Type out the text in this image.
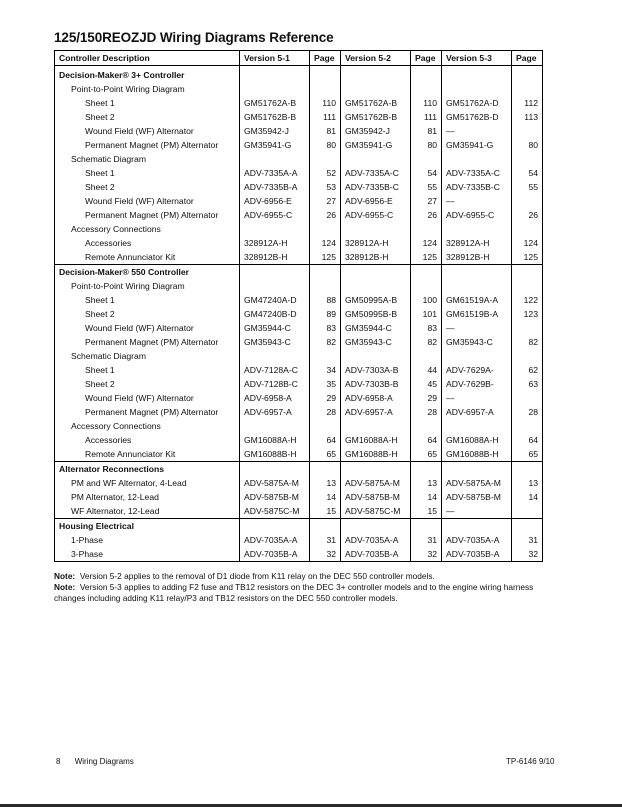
125/150REOZJD Wiring Diagrams Reference
Controller Description	Version 5-1	Page	Version 5-2	Page	Version 5-3	Page
Decision-Maker® 3+ Controller						
Point-to-Point Wiring Diagram						
Sheet 1	GM51762A-B	110	GM51762A-B	110	GM51762A-D	112
Sheet 2	GM51762B-B	111	GM51762B-B	111	GM51762B-D	113
Wound Field (WF) Alternator	GM35942-J	81	GM35942-J	81	—	
Permanent Magnet (PM) Alternator	GM35941-G	80	GM35941-G	80	GM35941-G	80
Schematic Diagram						
Sheet 1	ADV-7335A-A	52	ADV-7335A-C	54	ADV-7335A-C	54
Sheet 2	ADV-7335B-A	53	ADV-7335B-C	55	ADV-7335B-C	55
Wound Field (WF) Alternator	ADV-6956-E	27	ADV-6956-E	27	—	
Permanent Magnet (PM) Alternator	ADV-6955-C	26	ADV-6955-C	26	ADV-6955-C	26
Accessory Connections						
Accessories	328912A-H	124	328912A-H	124	328912A-H	124
Remote Annunciator Kit	328912B-H	125	328912B-H	125	328912B-H	125
Decision-Maker® 550 Controller						
Point-to-Point Wiring Diagram						
Sheet 1	GM47240A-D	88	GM50995A-B	100	GM61519A-A	122
Sheet 2	GM47240B-D	89	GM50995B-B	101	GM61519B-A	123
Wound Field (WF) Alternator	GM35944-C	83	GM35944-C	83	—	
Permanent Magnet (PM) Alternator	GM35943-C	82	GM35943-C	82	GM35943-C	82
Schematic Diagram						
Sheet 1	ADV-7128A-C	34	ADV-7303A-B	44	ADV-7629A-	62
Sheet 2	ADV-7128B-C	35	ADV-7303B-B	45	ADV-7629B-	63
Wound Field (WF) Alternator	ADV-6958-A	29	ADV-6958-A	29	—	
Permanent Magnet (PM) Alternator	ADV-6957-A	28	ADV-6957-A	28	ADV-6957-A	28
Accessory Connections						
Accessories	GM16088A-H	64	GM16088A-H	64	GM16088A-H	64
Remote Annunciator Kit	GM16088B-H	65	GM16088B-H	65	GM16088B-H	65
Alternator Reconnections						
PM and WF Alternator, 4-Lead	ADV-5875A-M	13	ADV-5875A-M	13	ADV-5875A-M	13
PM Alternator, 12-Lead	ADV-5875B-M	14	ADV-5875B-M	14	ADV-5875B-M	14
WF Alternator, 12-Lead	ADV-5875C-M	15	ADV-5875C-M	15	—	
Housing Electrical						
1-Phase	ADV-7035A-A	31	ADV-7035A-A	31	ADV-7035A-A	31
3-Phase	ADV-7035B-A	32	ADV-7035B-A	32	ADV-7035B-A	32
Note: Version 5-2 applies to the removal of D1 diode from K11 relay on the DEC 550 controller models.
Note: Version 5-3 applies to adding F2 fuse and TB12 resistors on the DEC 3+ controller models and to the engine wiring harness changes including adding K11 relay/P3 and TB12 resistors on the DEC 550 controller models.
8 Wiring Diagrams	TP-6146 9/10
